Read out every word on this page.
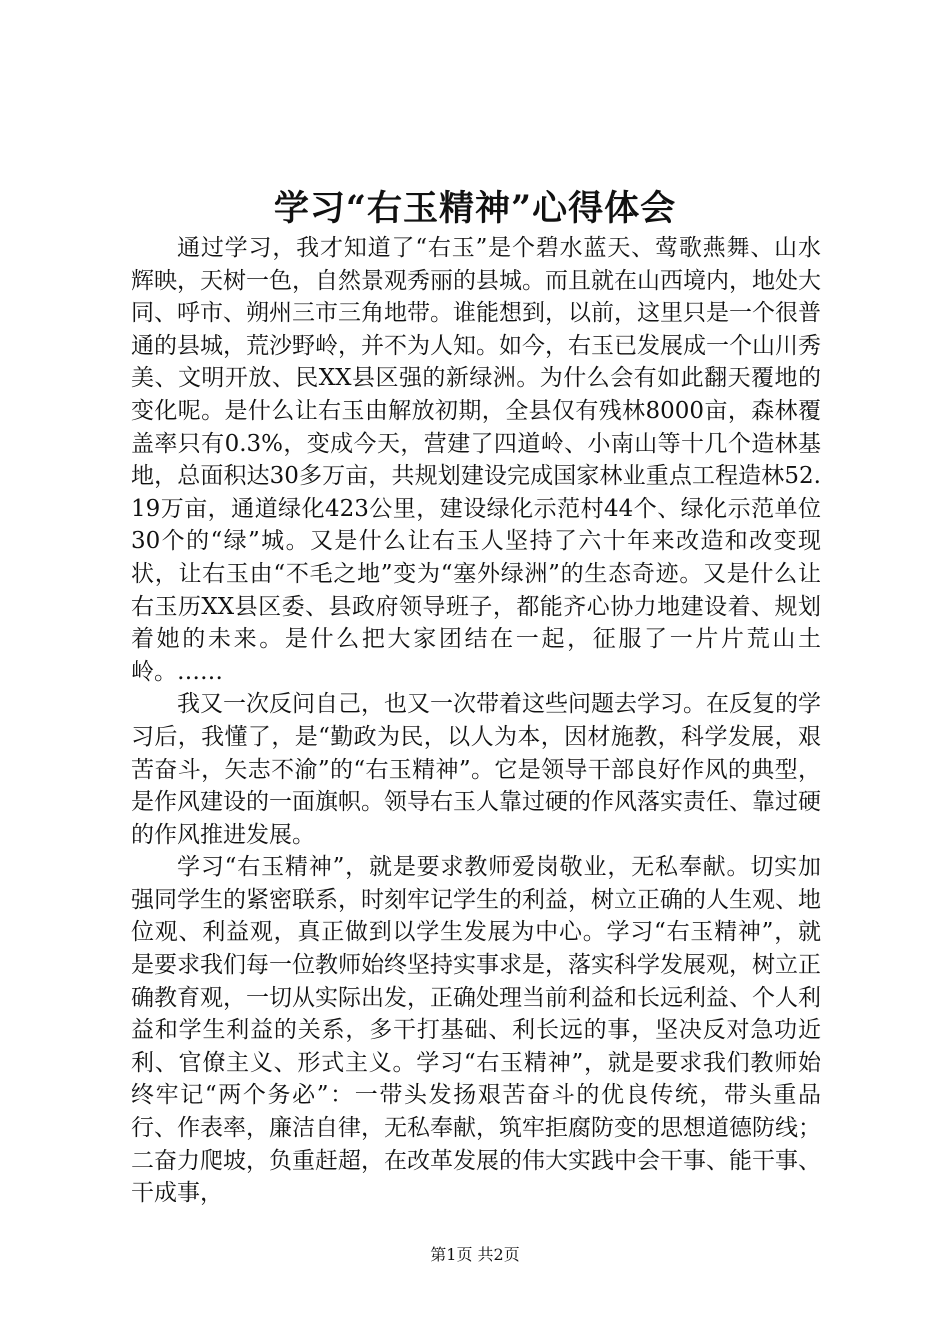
学习“右玉精神”心得体会

通过学习，我才知道了“右玉”是个碧水蓝天、莺歌燕舞、山水辉映，天树一色，自然景观秀丽的县城。而且就在山西境内，地处大同、呼市、朔州三市三角地带。谁能想到，以前，这里只是一个很普通的县城，荒沙野岭，并不为人知。如今，右玉已发展成一个山川秀美、文明开放、民XX县区强的新绿洲。为什么会有如此翻天覆地的变化呢。是什么让右玉由解放初期，全县仅有残林8000亩，森林覆盖率只有0.3%，变成今天，营建了四道岭、小南山等十几个造林基地，总面积达30多万亩，共规划建设完成国家林业重点工程造林52.19万亩，通道绿化423公里，建设绿化示范村44个、绿化示范单位30个的“绿”城。又是什么让右玉人坚持了六十年来改造和改变现状，让右玉由“不毛之地”变为“塞外绿洲”的生态奇迹。又是什么让右玉历XX县区委、县政府领导班子，都能齐心协力地建设着、规划着她的未来。是什么把大家团结在一起，征服了一片片荒山土岭。……

我又一次反问自己，也又一次带着这些问题去学习。在反复的学习后，我懂了，是“勤政为民，以人为本，因材施教，科学发展，艰苦奋斗，矢志不渝”的“右玉精神”。它是领导干部良好作风的典型，是作风建设的一面旗帜。领导右玉人靠过硬的作风落实责任、靠过硬的作风推进发展。

学习“右玉精神”，就是要求教师爱岗敬业，无私奉献。切实加强同学生的紧密联系，时刻牢记学生的利益，树立正确的人生观、地位观、利益观，真正做到以学生发展为中心。学习“右玉精神”，就是要求我们每一位教师始终坚持实事求是，落实科学发展观，树立正确教育观，一切从实际出发，正确处理当前利益和长远利益、个人利益和学生利益的关系，多干打基础、利长远的事，坚决反对急功近利、官僚主义、形式主义。学习“右玉精神”，就是要求我们教师始终牢记“两个务必”：一带头发扬艰苦奋斗的优良传统，带头重品行、作表率，廉洁自律，无私奉献，筑牢拒腐防变的思想道德防线；二奋力爬坡，负重赶超，在改革发展的伟大实践中会干事、能干事、干成事，

第1页 共2页
